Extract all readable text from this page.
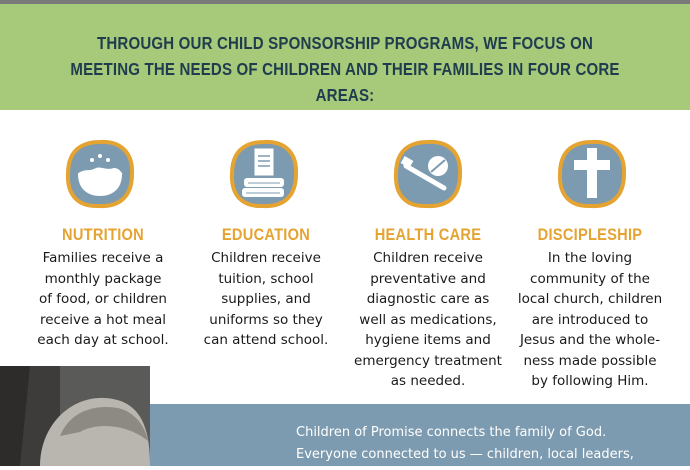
THROUGH OUR CHILD SPONSORSHIP PROGRAMS, WE FOCUS ON
MEETING THE NEEDS OF CHILDREN AND THEIR FAMILIES IN FOUR CORE AREAS:
NUTRITION	EDUCATION	HEALTH CARE	DISCIPLESHIP
Families receive a
monthly package
of food, or children
receive a hot meal
each day at school.
Children receive
tuition, school
supplies, and
uniforms so they
can attend school.
Children receive
preventative and
diagnostic care as
well as medications,
hygiene items and
emergency treatment
as needed.
In the loving
community of the
local church, children
are introduced to
Jesus and the whole-
ness made possible
by following Him.
Children of Promise connects the family of God.
Everyone connected to us — children, local leaders,
